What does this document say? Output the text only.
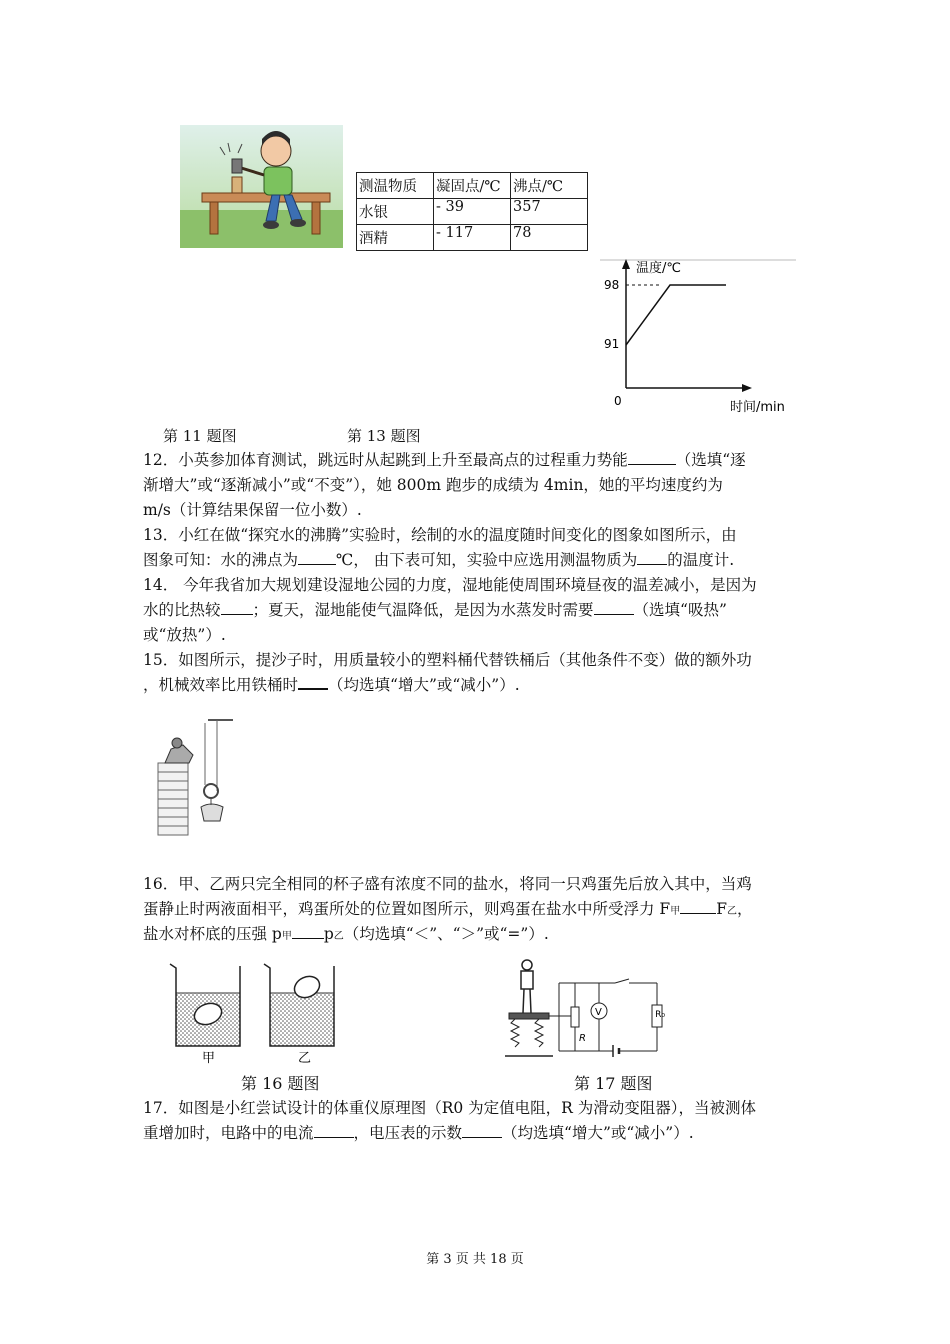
测温物质	凝固点/℃	沸点/℃
水银	- 39	357
酒精	- 117	78
温度/℃
时间/min
0
98
91
第 11 题图	第 13 题图
12．小英参加体育测试，跳远时从起跳到上升至最高点的过程重力势能	（选填“逐
渐增大”或“逐渐减小”或“不变”），她 800m 跑步的成绩为 4min，她的平均速度约为
m/s（计算结果保留一位小数）.
13．小红在做“探究水的沸腾”实验时，绘制的水的温度随时间变化的图象如图所示，由
图象可知：水的沸点为 ℃， 由下表可知，实验中应选用测温物质为 的温度计.
14． 今年我省加大规划建设湿地公园的力度，湿地能使周围环境昼夜的温差减小，是因为
水的比热较 ；夏天，湿地能使气温降低，是因为水蒸发时需要	（选填“吸热”
或“放热”）.
15．如图所示，提沙子时，用质量较小的塑料桶代替铁桶后（其他条件不变）做的额外功
，机械效率比用铁桶时 （均选填“增大”或“减小”）.
16．甲、乙两只完全相同的杯子盛有浓度不同的盐水，将同一只鸡蛋先后放入其中，当鸡
蛋静止时两液面相平，鸡蛋所处的位置如图所示，则鸡蛋在盐水中所受浮力 F甲 F乙，
盐水对杯底的压强 p甲 p乙（均选填“＜”、“＞”或“=”）.
甲	乙
R
V	R₀
第 16 题图	第 17 题图
17．如图是小红尝试设计的体重仪原理图（R0 为定值电阻，R 为滑动变阻器），当被测体
重增加时，电路中的电流	，电压表的示数	（均选填“增大”或“减小”）.
第 3 页 共 18 页
